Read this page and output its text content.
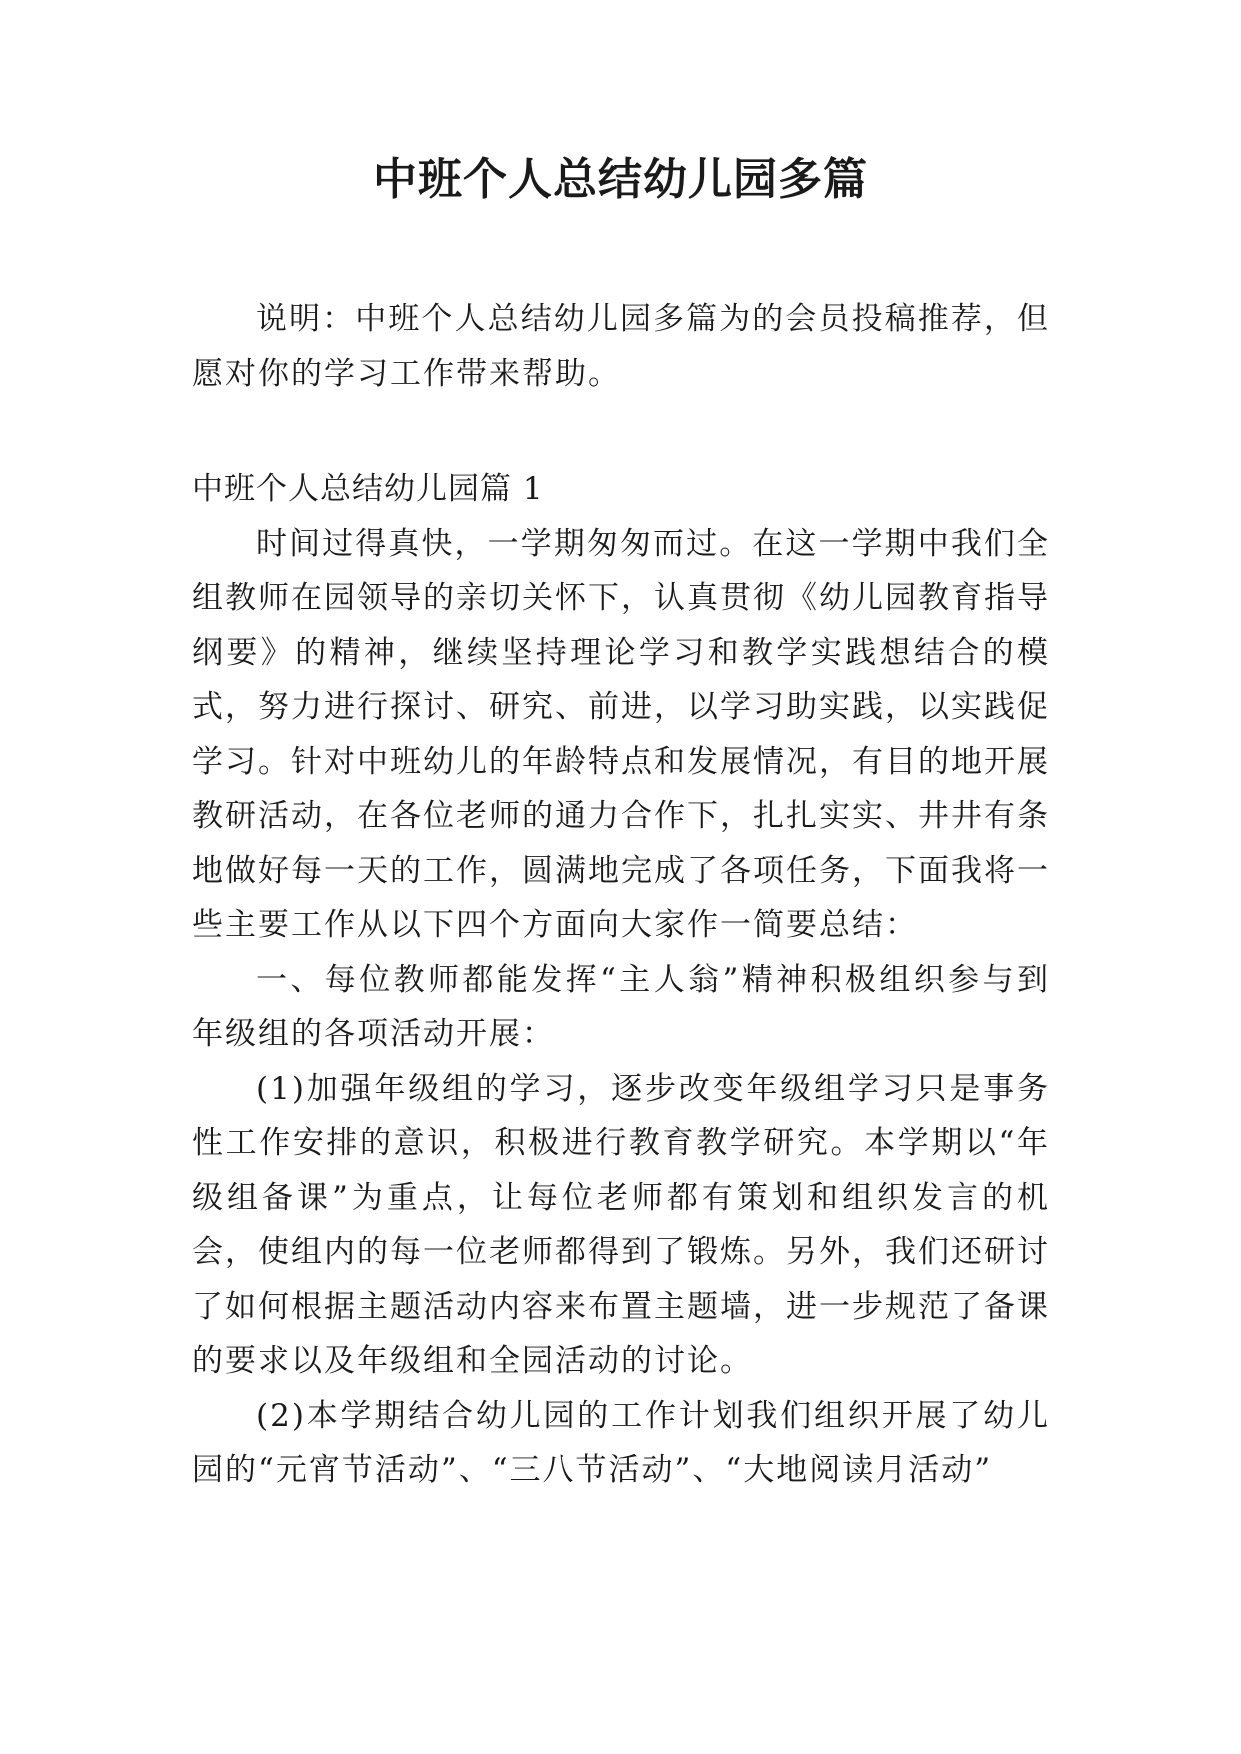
中班个人总结幼儿园多篇

说明：中班个人总结幼儿园多篇为的会员投稿推荐，但愿对你的学习工作带来帮助。

中班个人总结幼儿园篇 1

时间过得真快，一学期匆匆而过。在这一学期中我们全组教师在园领导的亲切关怀下，认真贯彻《幼儿园教育指导纲要》的精神，继续坚持理论学习和教学实践想结合的模式，努力进行探讨、研究、前进，以学习助实践，以实践促学习。针对中班幼儿的年龄特点和发展情况，有目的地开展教研活动，在各位老师的通力合作下，扎扎实实、井井有条地做好每一天的工作，圆满地完成了各项任务，下面我将一些主要工作从以下四个方面向大家作一简要总结：

一、每位教师都能发挥“主人翁”精神积极组织参与到年级组的各项活动开展：

(1)加强年级组的学习，逐步改变年级组学习只是事务性工作安排的意识，积极进行教育教学研究。本学期以“年级组备课”为重点，让每位老师都有策划和组织发言的机会，使组内的每一位老师都得到了锻炼。另外，我们还研讨了如何根据主题活动内容来布置主题墙，进一步规范了备课的要求以及年级组和全园活动的讨论。

(2)本学期结合幼儿园的工作计划我们组织开展了幼儿园的“元宵节活动”、“三八节活动”、“大地阅读月活动”
